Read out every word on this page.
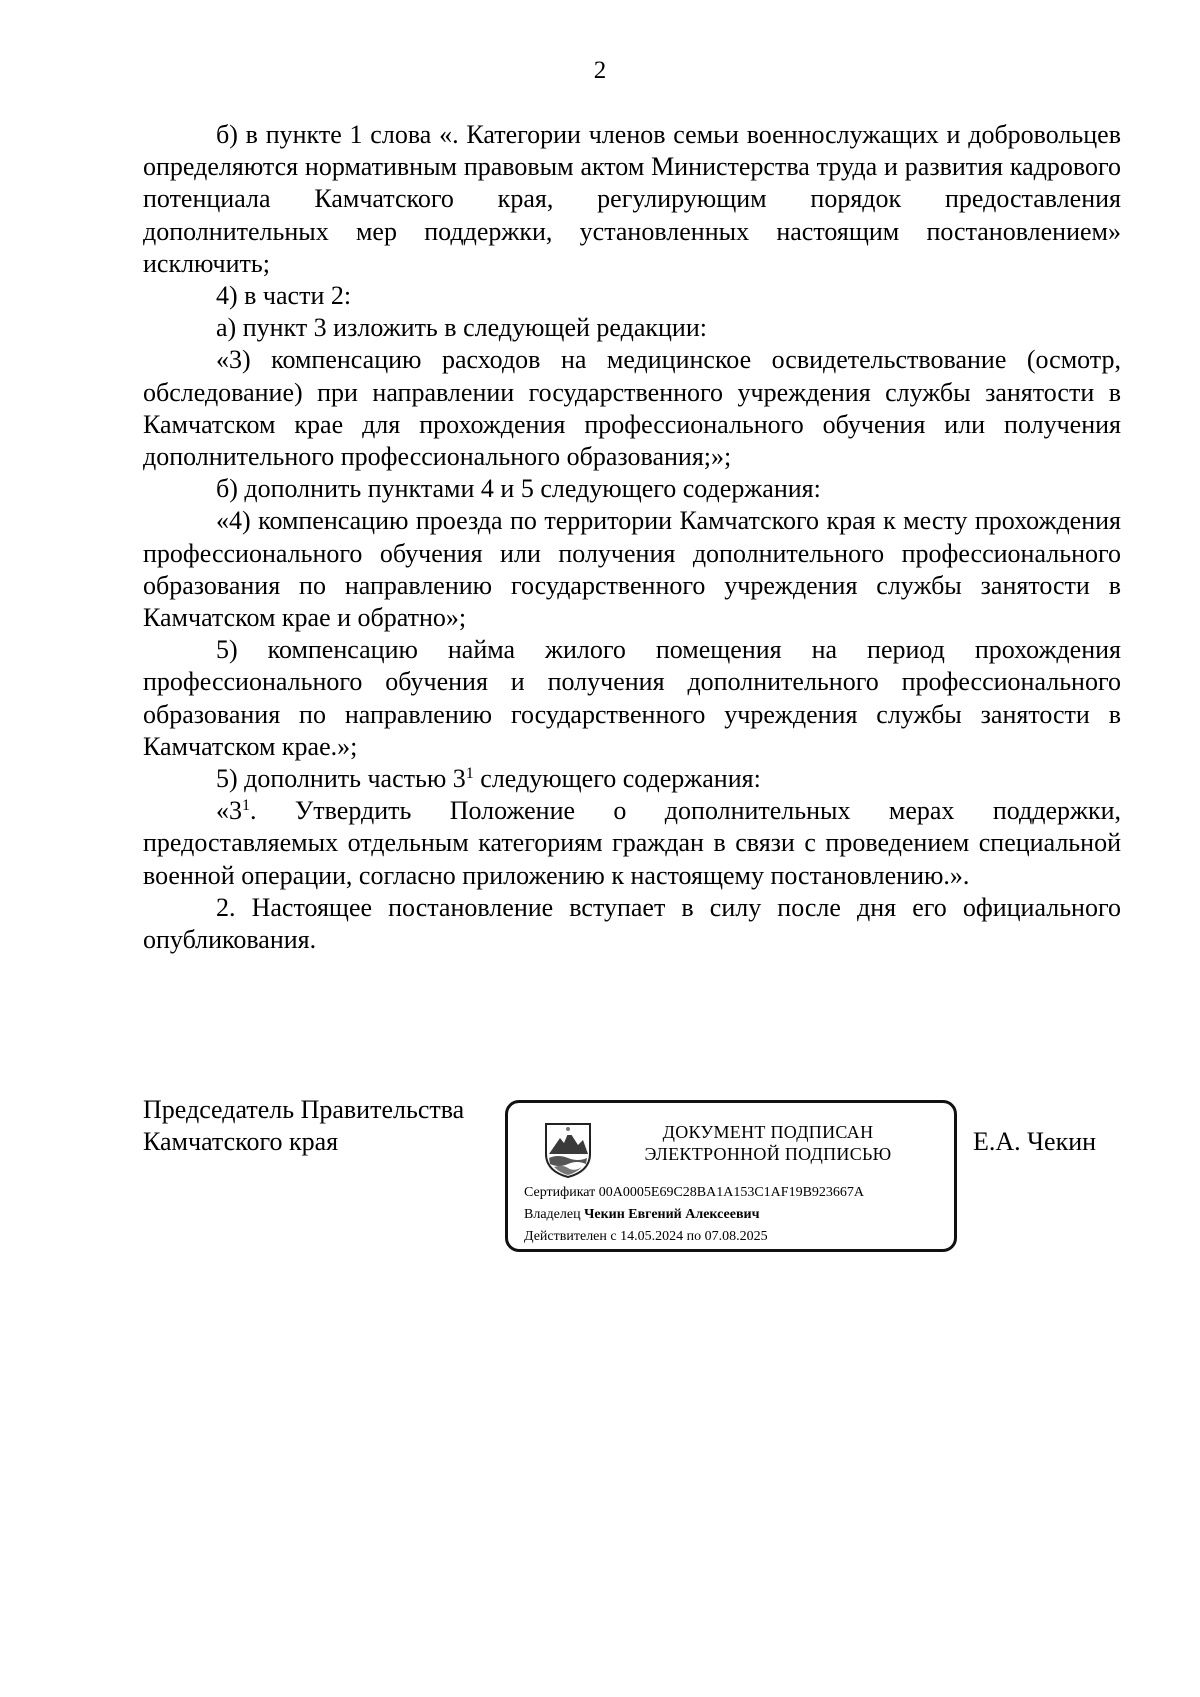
2

б) в пункте 1 слова «. Категории членов семьи военнослужащих и добровольцев определяются нормативным правовым актом Министерства труда и развития кадрового потенциала Камчатского края, регулирующим порядок предоставления дополнительных мер поддержки, установленных настоящим постановлением» исключить;

4) в части 2:

а) пункт 3 изложить в следующей редакции:

«3) компенсацию расходов на медицинское освидетельствование (осмотр, обследование) при направлении государственного учреждения службы занятости в Камчатском крае для прохождения профессионального обучения или получения дополнительного профессионального образования;»;

б) дополнить пунктами 4 и 5 следующего содержания:

«4) компенсацию проезда по территории Камчатского края к месту прохождения профессионального обучения или получения дополнительного профессионального образования по направлению государственного учреждения службы занятости в Камчатском крае и обратно»;

5) компенсацию найма жилого помещения на период прохождения профессионального обучения и получения дополнительного профессионального образования по направлению государственного учреждения службы занятости в Камчатском крае.»;

5) дополнить частью $3^1$ следующего содержания:

«$3^1$. Утвердить Положение о дополнительных мерах поддержки, предоставляемых отдельным категориям граждан в связи с проведением специальной военной операции, согласно приложению к настоящему постановлению.».

2. Настоящее постановление вступает в силу после дня его официального опубликования.

Председатель Правительства
Камчатского края	ДОКУМЕНТ ПОДПИСАН
ЭЛЕКТРОННОЙ ПОДПИСЬЮ
Сертификат 00A0005E69C28BA1A153C1AF19B923667A
Владелец Чекин Евгений Алексеевич
Действителен с 14.05.2024 по 07.08.2025
Е.А. Чекин
